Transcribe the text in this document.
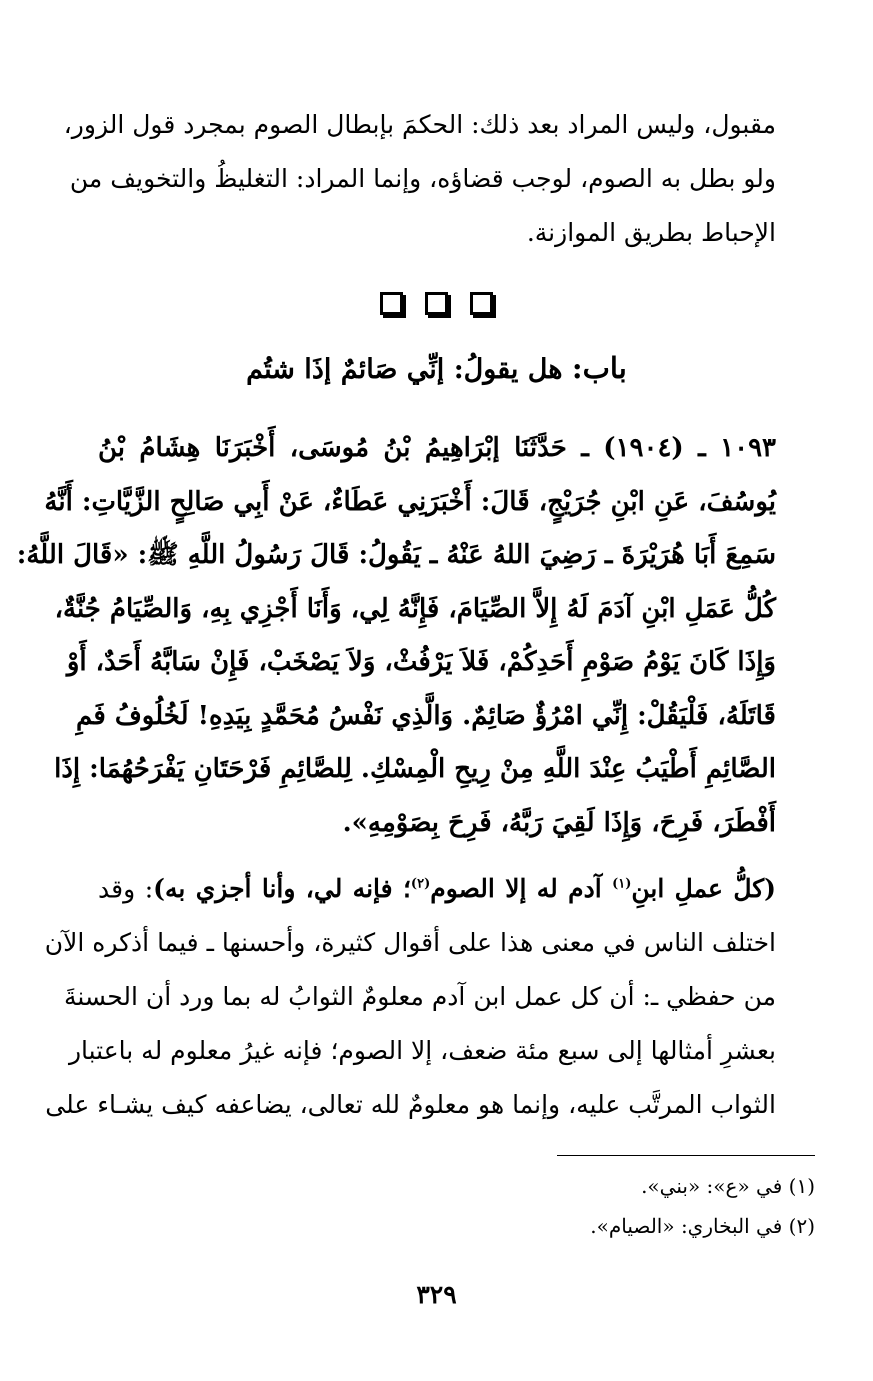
مقبول، وليس المراد بعد ذلك: الحكمَ بإبطال الصوم بمجرد قول الزور،
ولو بطل به الصوم، لوجب قضاؤه، وإنما المراد: التغليظُ والتخويف من
الإحباط بطريق الموازنة.

باب: هل يقولُ: إنِّي صَائمٌ إذَا شتُم
١٠٩٣ ـ (١٩٠٤) ـ حَدَّثَنَا إبْرَاهِيمُ بْنُ مُوسَى، أَخْبَرَنَا هِشَامُ بْنُ
يُوسُفَ، عَنِ ابْنِ جُرَيْجٍ، قَالَ: أَخْبَرَنِي عَطَاءٌ، عَنْ أَبِي صَالِحٍ الزَّيَّاتِ: أَنَّهُ
سَمِعَ أَبَا هُرَيْرَةَ ـ رَضِيَ اللهُ عَنْهُ ـ يَقُولُ: قَالَ رَسُولُ اللَّهِ ﷺ: «قَالَ اللَّهُ:
كُلُّ عَمَلِ ابْنِ آدَمَ لَهُ إِلاَّ الصِّيَامَ، فَإِنَّهُ لِي، وَأَنَا أَجْزِي بِهِ، وَالصِّيَامُ جُنَّةٌ،
وَإِذَا كَانَ يَوْمُ صَوْمِ أَحَدِكُمْ، فَلاَ يَرْفُثْ، وَلاَ يَصْخَبْ، فَإِنْ سَابَّهُ أَحَدٌ، أَوْ
قَاتَلَهُ، فَلْيَقُلْ: إِنِّي امْرُؤٌ صَائِمٌ. وَالَّذِي نَفْسُ مُحَمَّدٍ بِيَدِهِ! لَخُلُوفُ فَمِ
الصَّائِمِ أَطْيَبُ عِنْدَ اللَّهِ مِنْ رِيحِ الْمِسْكِ. لِلصَّائِمِ فَرْحَتَانِ يَفْرَحُهُمَا: إِذَا
أَفْطَرَ، فَرِحَ، وَإِذَا لَقِيَ رَبَّهُ، فَرِحَ بِصَوْمِهِ».
(كلُّ عملِ ابنِ$^{(١)}$ آدم له إلا الصوم$^{(٢)}$؛ فإنه لي، وأنا أجزي به): وقد
اختلف الناس في معنى هذا على أقوال كثيرة، وأحسنها ـ فيما أذكره الآن
من حفظي ـ: أن كل عمل ابن آدم معلومٌ الثوابُ له بما ورد أن الحسنةَ
بعشرِ أمثالها إلى سبع مئة ضعف، إلا الصوم؛ فإنه غيرُ معلوم له باعتبار
الثواب المرتَّب عليه، وإنما هو معلومٌ لله تعالى، يضاعفه كيف يشـاء على
(١) في «ع»: «بني».
(٢) في البخاري: «الصيام».
٣٢٩
